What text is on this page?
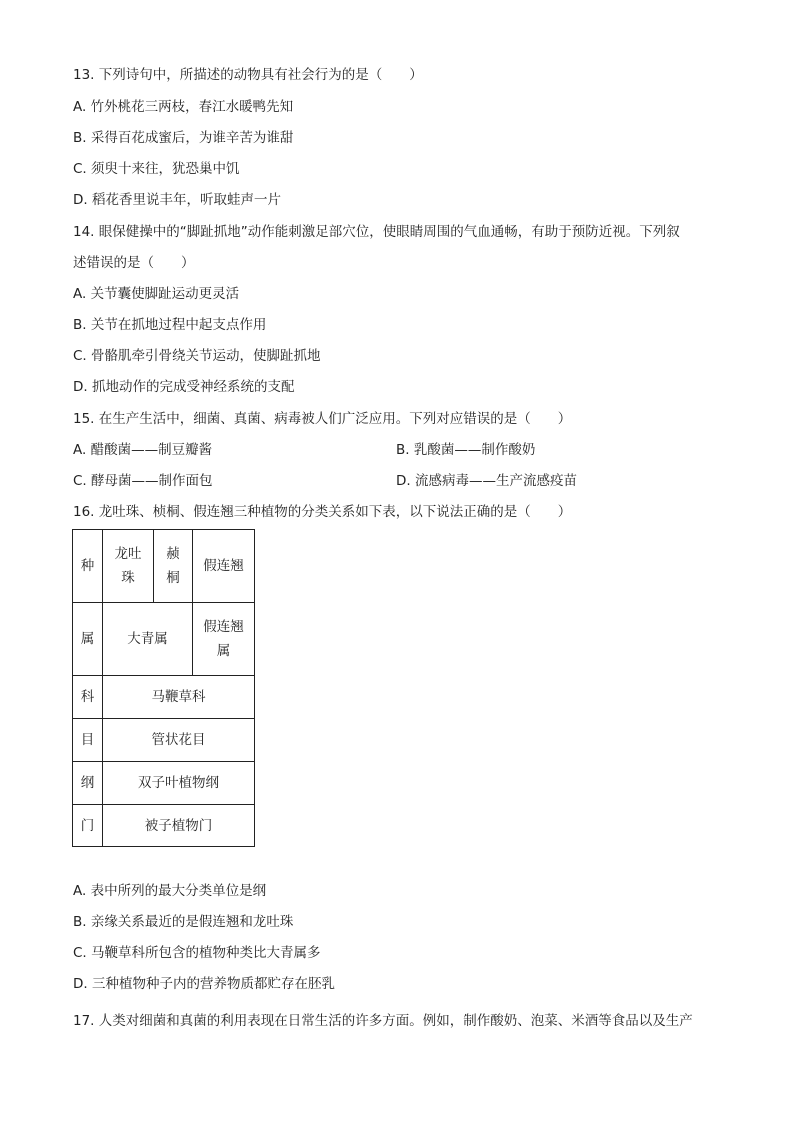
13. 下列诗句中，所描述的动物具有社会行为的是（　　）
A. 竹外桃花三两枝，春江水暖鸭先知
B. 采得百花成蜜后，为谁辛苦为谁甜
C. 须臾十来往，犹恐巢中饥
D. 稻花香里说丰年，听取蛙声一片
14. 眼保健操中的“脚趾抓地”动作能刺激足部穴位，使眼睛周围的气血通畅，有助于预防近视。下列叙
述错误的是（　　）
A. 关节囊使脚趾运动更灵活
B. 关节在抓地过程中起支点作用
C. 骨骼肌牵引骨绕关节运动，使脚趾抓地
D. 抓地动作的完成受神经系统的支配
15. 在生产生活中，细菌、真菌、病毒被人们广泛应用。下列对应错误的是（　　）
A. 醋酸菌——制豆瓣酱	B. 乳酸菌——制作酸奶
C. 酵母菌——制作面包	D. 流感病毒——生产流感疫苗
16. 龙吐珠、桢桐、假连翘三种植物的分类关系如下表，以下说法正确的是（　　）
种	龙吐珠	赪桐	假连翘
属	大青属		假连翘属

科	马鞭草科		
目	管状花目		
纲	双子叶植物纲		
门	被子植物门		
A. 表中所列的最大分类单位是纲
B. 亲缘关系最近的是假连翘和龙吐珠
C. 马鞭草科所包含的植物种类比大青属多
D. 三种植物种子内的营养物质都贮存在胚乳
17. 人类对细菌和真菌的利用表现在日常生活的许多方面。例如，制作酸奶、泡菜、米酒等食品以及生产
